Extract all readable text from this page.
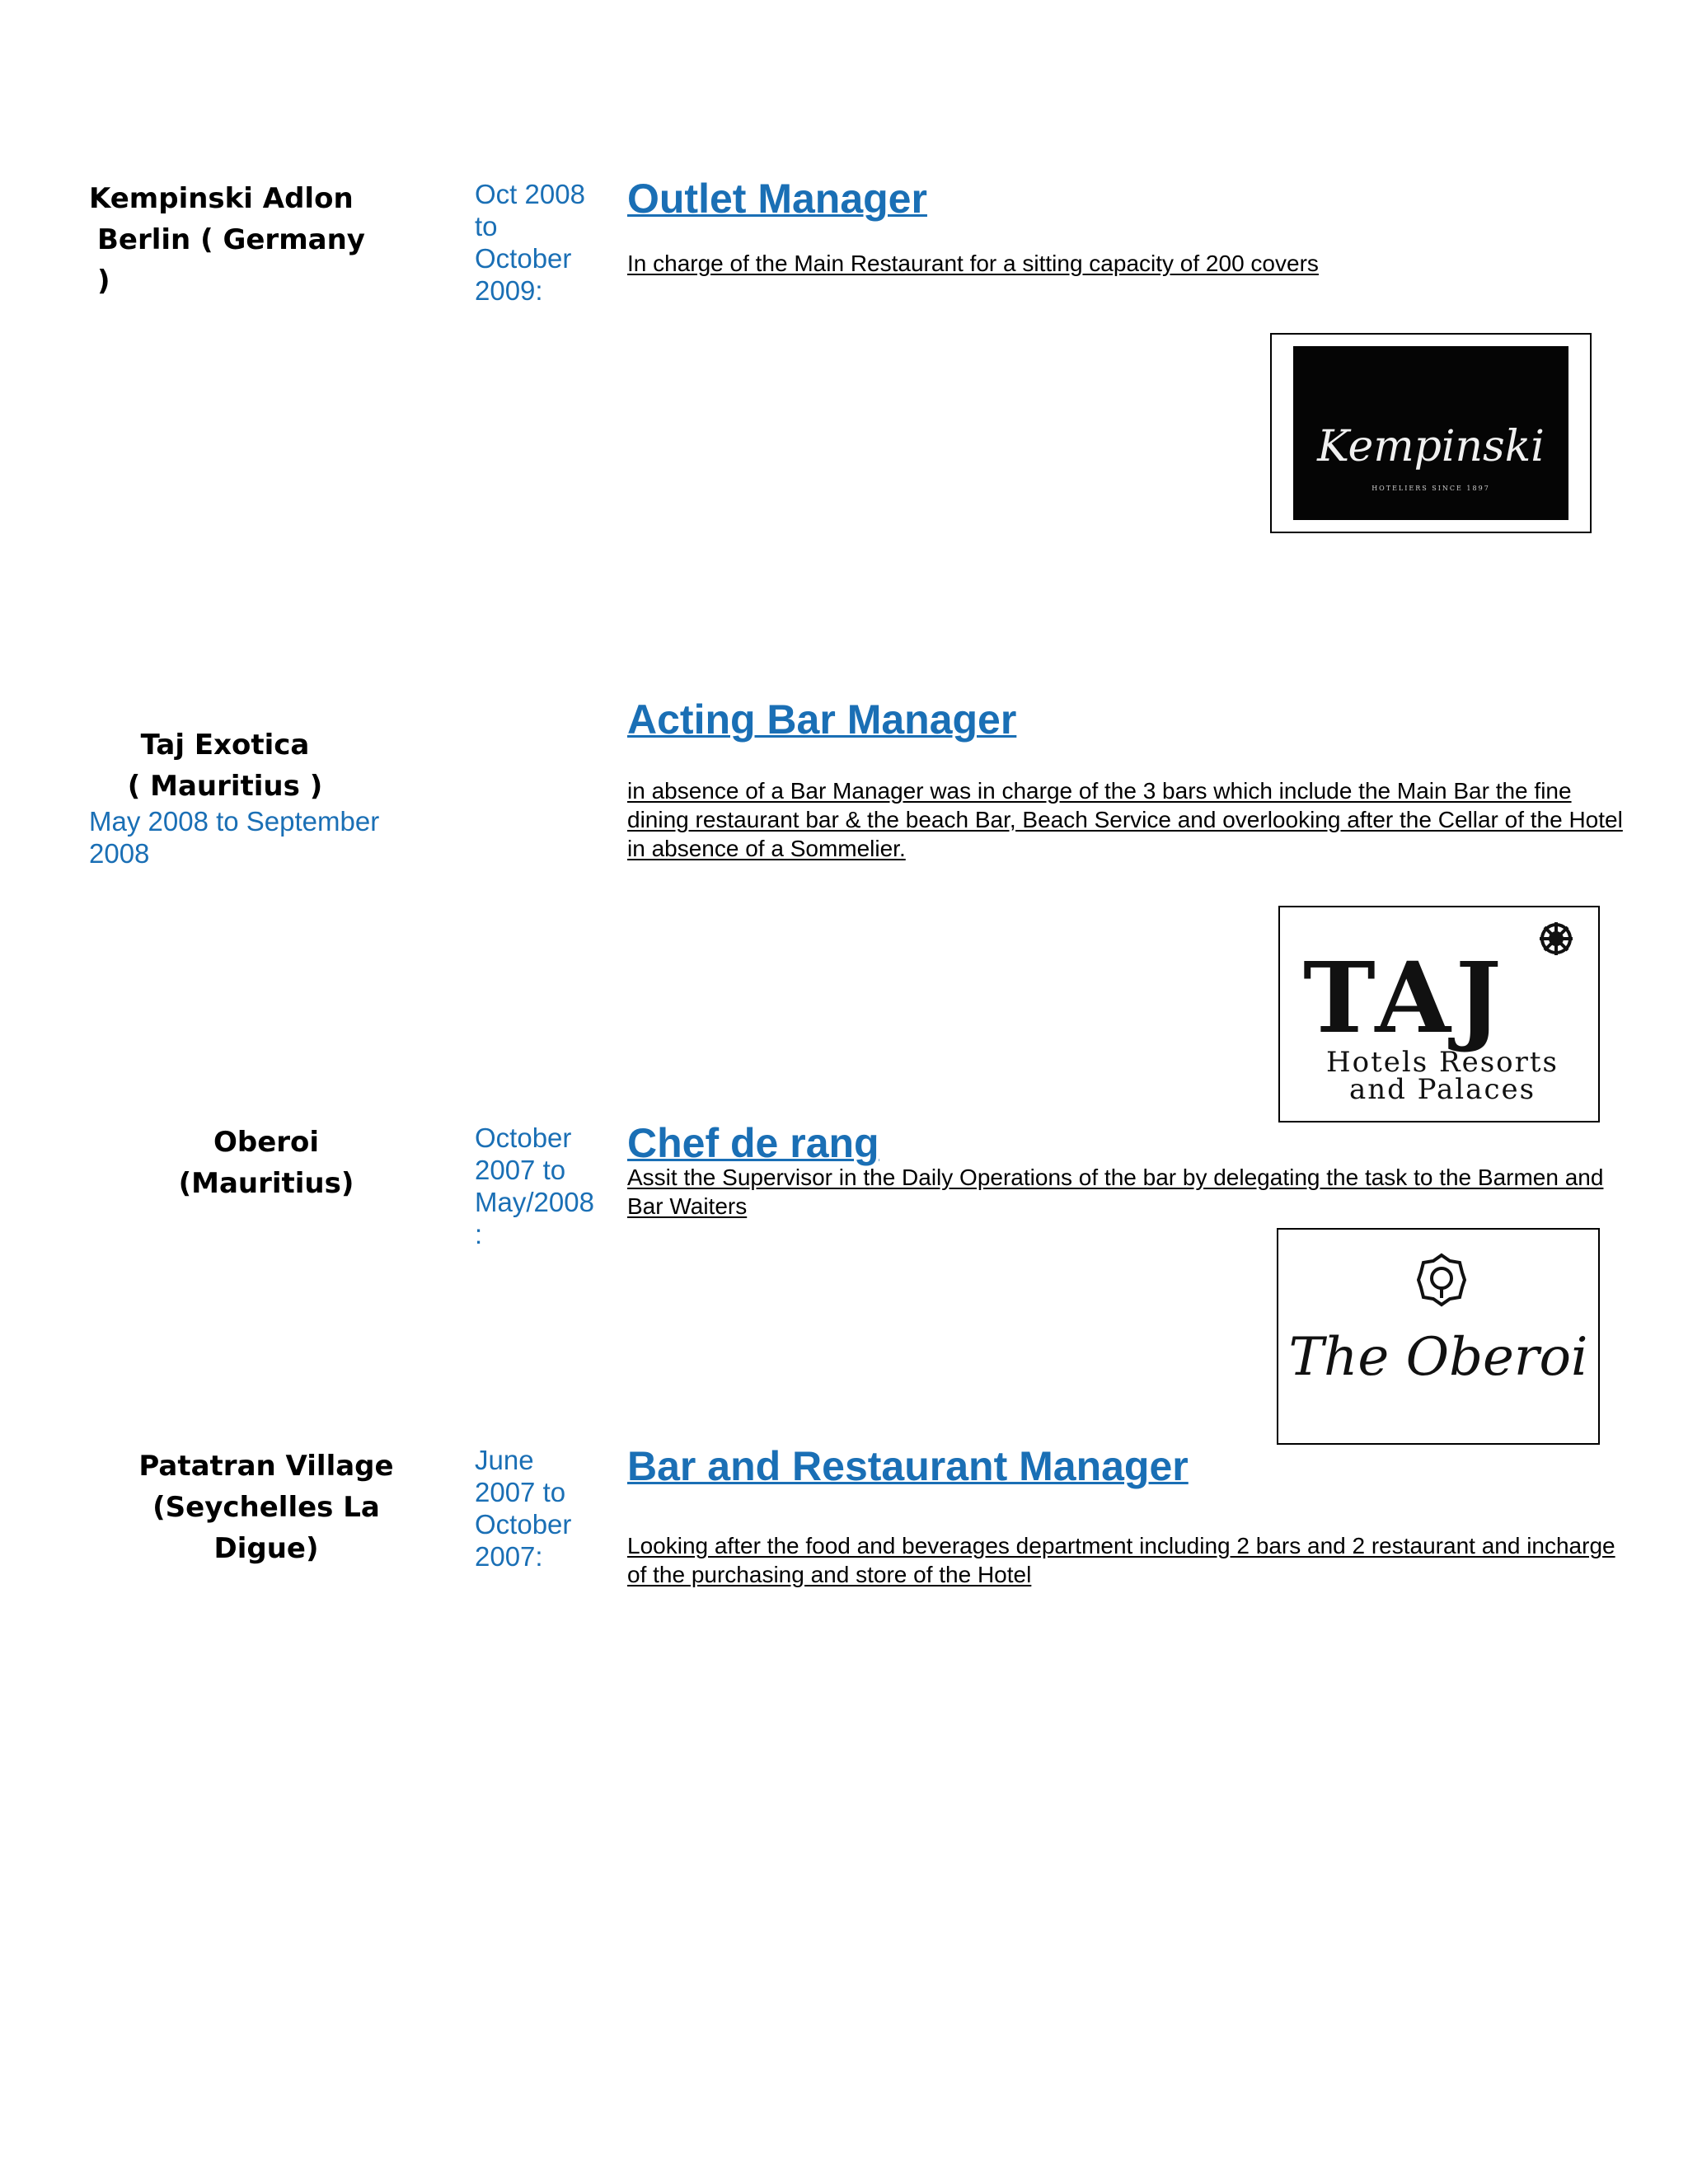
Kempinski Adlon
Berlin ( Germany )
Oct 2008
to
October
2009:
Outlet Manager
In charge of the Main Restaurant for a sitting capacity of 200 covers
Kempinski
HOTELIERS SINCE 1897
Taj Exotica
( Mauritius )
May 2008 to September 2008
Acting Bar Manager
in absence of a Bar Manager was in charge of the 3 bars which include the Main Bar the fine dining restaurant bar & the beach Bar, Beach Service and overlooking after the Cellar of the Hotel in absence of a Sommelier.
TAJ
Hotels Resorts
and Palaces
Oberoi
(Mauritius)
October
2007 to
May/2008
:
Chef de rang
Assit the Supervisor in the Daily Operations of the bar by delegating the task to the Barmen and Bar Waiters
The Oberoi
Patatran Village
(Seychelles La Digue)
June
2007 to
October
2007:
Bar and Restaurant Manager
Looking after the food and beverages department including 2 bars and 2 restaurant and incharge of the purchasing and store of the Hotel
